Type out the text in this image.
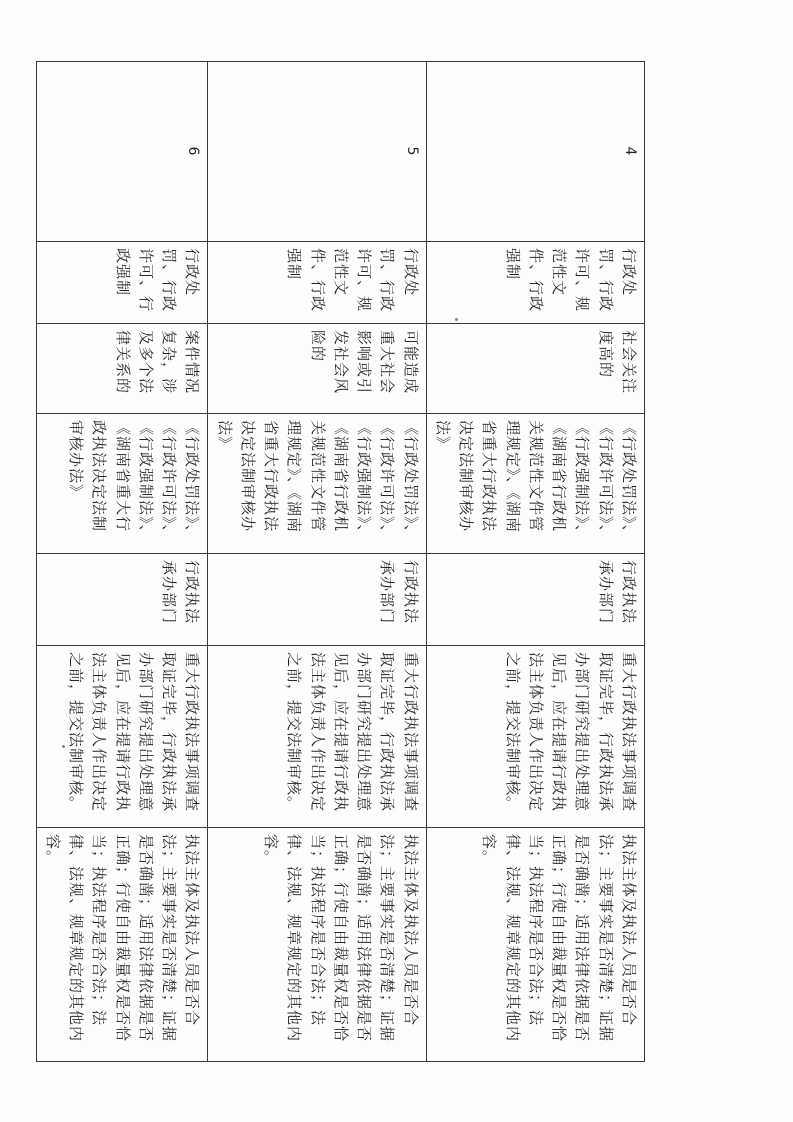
4	行政处罚、行政许可、规范性文件、行政强制	社会关注度高的	《行政处罚法》、《行政许可法》、《行政强制法》、《湖南省行政机关规范性文件管理规定》、《湖南省重大行政执法决定法制审核办法》	行政执法承办部门	重大行政执法事项调查取证完毕，行政执法承办部门研究提出处理意见后，应在提请行政执法主体负责人作出决定之前，提交法制审核。	执法主体及执法人员是否合法；主要事实是否清楚；证据是否确凿；适用法律依据是否正确；行使自由裁量权是否恰当；执法程序是否合法；法律、法规、规章规定的其他内容。
5	行政处罚、行政许可、规范性文件、行政强制	可能造成重大社会影响或引发社会风险的	《行政处罚法》、《行政许可法》、《行政强制法》、《湖南省行政机关规范性文件管理规定》、《湖南省重大行政执法决定法制审核办法》	行政执法承办部门	重大行政执法事项调查取证完毕，行政执法承办部门研究提出处理意见后，应在提请行政执法主体负责人作出决定之前，提交法制审核。	执法主体及执法人员是否合法；主要事实是否清楚；证据是否确凿；适用法律依据是否正确；行使自由裁量权是否恰当；执法程序是否合法；法律、法规、规章规定的其他内容。
6	行政处罚、行政许可、行政强制	案件情况复杂，涉及多个法律关系的	《行政处罚法》、《行政许可法》、《行政强制法》、《湖南省重大行政执法决定法制审核办法》	行政执法承办部门	重大行政执法事项调查取证完毕，行政执法承办部门研究提出处理意见后，应在提请行政执法主体负责人作出决定之前，提交法制审核。	执法主体及执法人员是否合法；主要事实是否清楚；证据是否确凿；适用法律依据是否正确；行使自由裁量权是否恰当；执法程序是否合法；法律、法规、规章规定的其他内容。
